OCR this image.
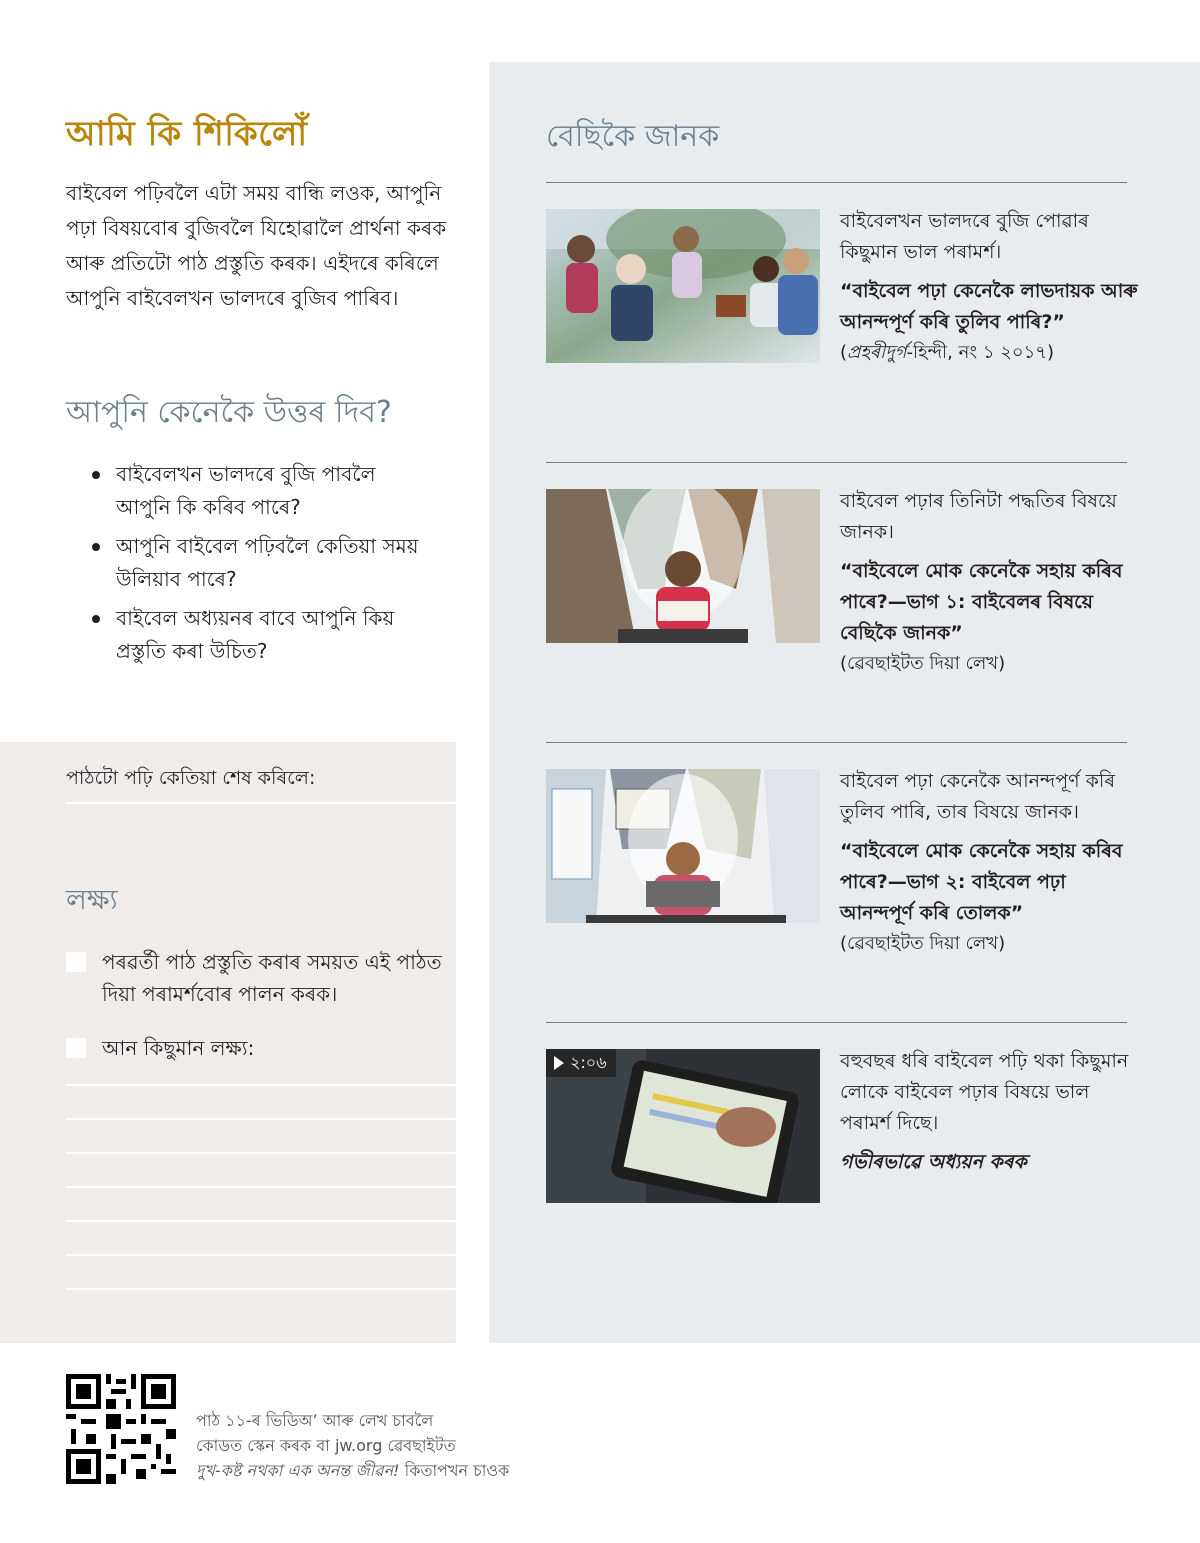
আমি কি শিকিলোঁ

বাইবেল পঢ়িবলৈ এটা সময় বান্ধি লওক, আপুনি পঢ়া বিষয়বোৰ বুজিবলৈ যিহোৱালৈ প্ৰাৰ্থনা কৰক আৰু প্ৰতিটো পাঠ প্ৰস্তুতি কৰক। এইদৰে কৰিলে আপুনি বাইবেলখন ভালদৰে বুজিব পাৰিব।

আপুনি কেনেকৈ উত্তৰ দিব?
বাইবেলখন ভালদৰে বুজি পাবলৈ আপুনি কি কৰিব পাৰে?
আপুনি বাইবেল পঢ়িবলৈ কেতিয়া সময় উলিয়াব পাৰে?
বাইবেল অধ্যয়নৰ বাবে আপুনি কিয় প্ৰস্তুতি কৰা উচিত?

পাঠটো পঢ়ি কেতিয়া শেষ কৰিলে:

লক্ষ্য
পৰৱৰ্তী পাঠ প্ৰস্তুতি কৰাৰ সময়ত এই পাঠত দিয়া পৰামৰ্শবোৰ পালন কৰক।
আন কিছুমান লক্ষ্য:
বেছিকৈ জানক

বাইবেলখন ভালদৰে বুজি পোৱাৰ কিছুমান ভাল পৰামৰ্শ।

“বাইবেল পঢ়া কেনেকৈ লাভদায়ক আৰু আনন্দপূৰ্ণ কৰি তুলিব পাৰি?”

(প্ৰহৰীদুৰ্গ-হিন্দী, নং ১ ২০১৭)

বাইবেল পঢ়াৰ তিনিটা পদ্ধতিৰ বিষয়ে জানক।

“বাইবেলে মোক কেনেকৈ সহায় কৰিব পাৰে?—ভাগ ১: বাইবেলৰ বিষয়ে বেছিকৈ জানক”

(ৱেবছাইটত দিয়া লেখ)

বাইবেল পঢ়া কেনেকৈ আনন্দপূৰ্ণ কৰি তুলিব পাৰি, তাৰ বিষয়ে জানক।

“বাইবেলে মোক কেনেকৈ সহায় কৰিব পাৰে?—ভাগ ২: বাইবেল পঢ়া আনন্দপূৰ্ণ কৰি তোলক”

(ৱেবছাইটত দিয়া লেখ)

২:০৬	বহুবছৰ ধৰি বাইবেল পঢ়ি থকা কিছুমান লোকে বাইবেল পঢ়াৰ বিষয়ে ভাল পৰামৰ্শ দিছে।

গভীৰভাৱে অধ্যয়ন কৰক

পাঠ ১১-ৰ ভিডিঅ’ আৰু লেখ চাবলৈ
কোডত স্কেন কৰক বা jw.org ৱেবছাইটত
দুখ-কষ্ট নথকা এক অনন্ত জীৱন! কিতাপখন চাওক
